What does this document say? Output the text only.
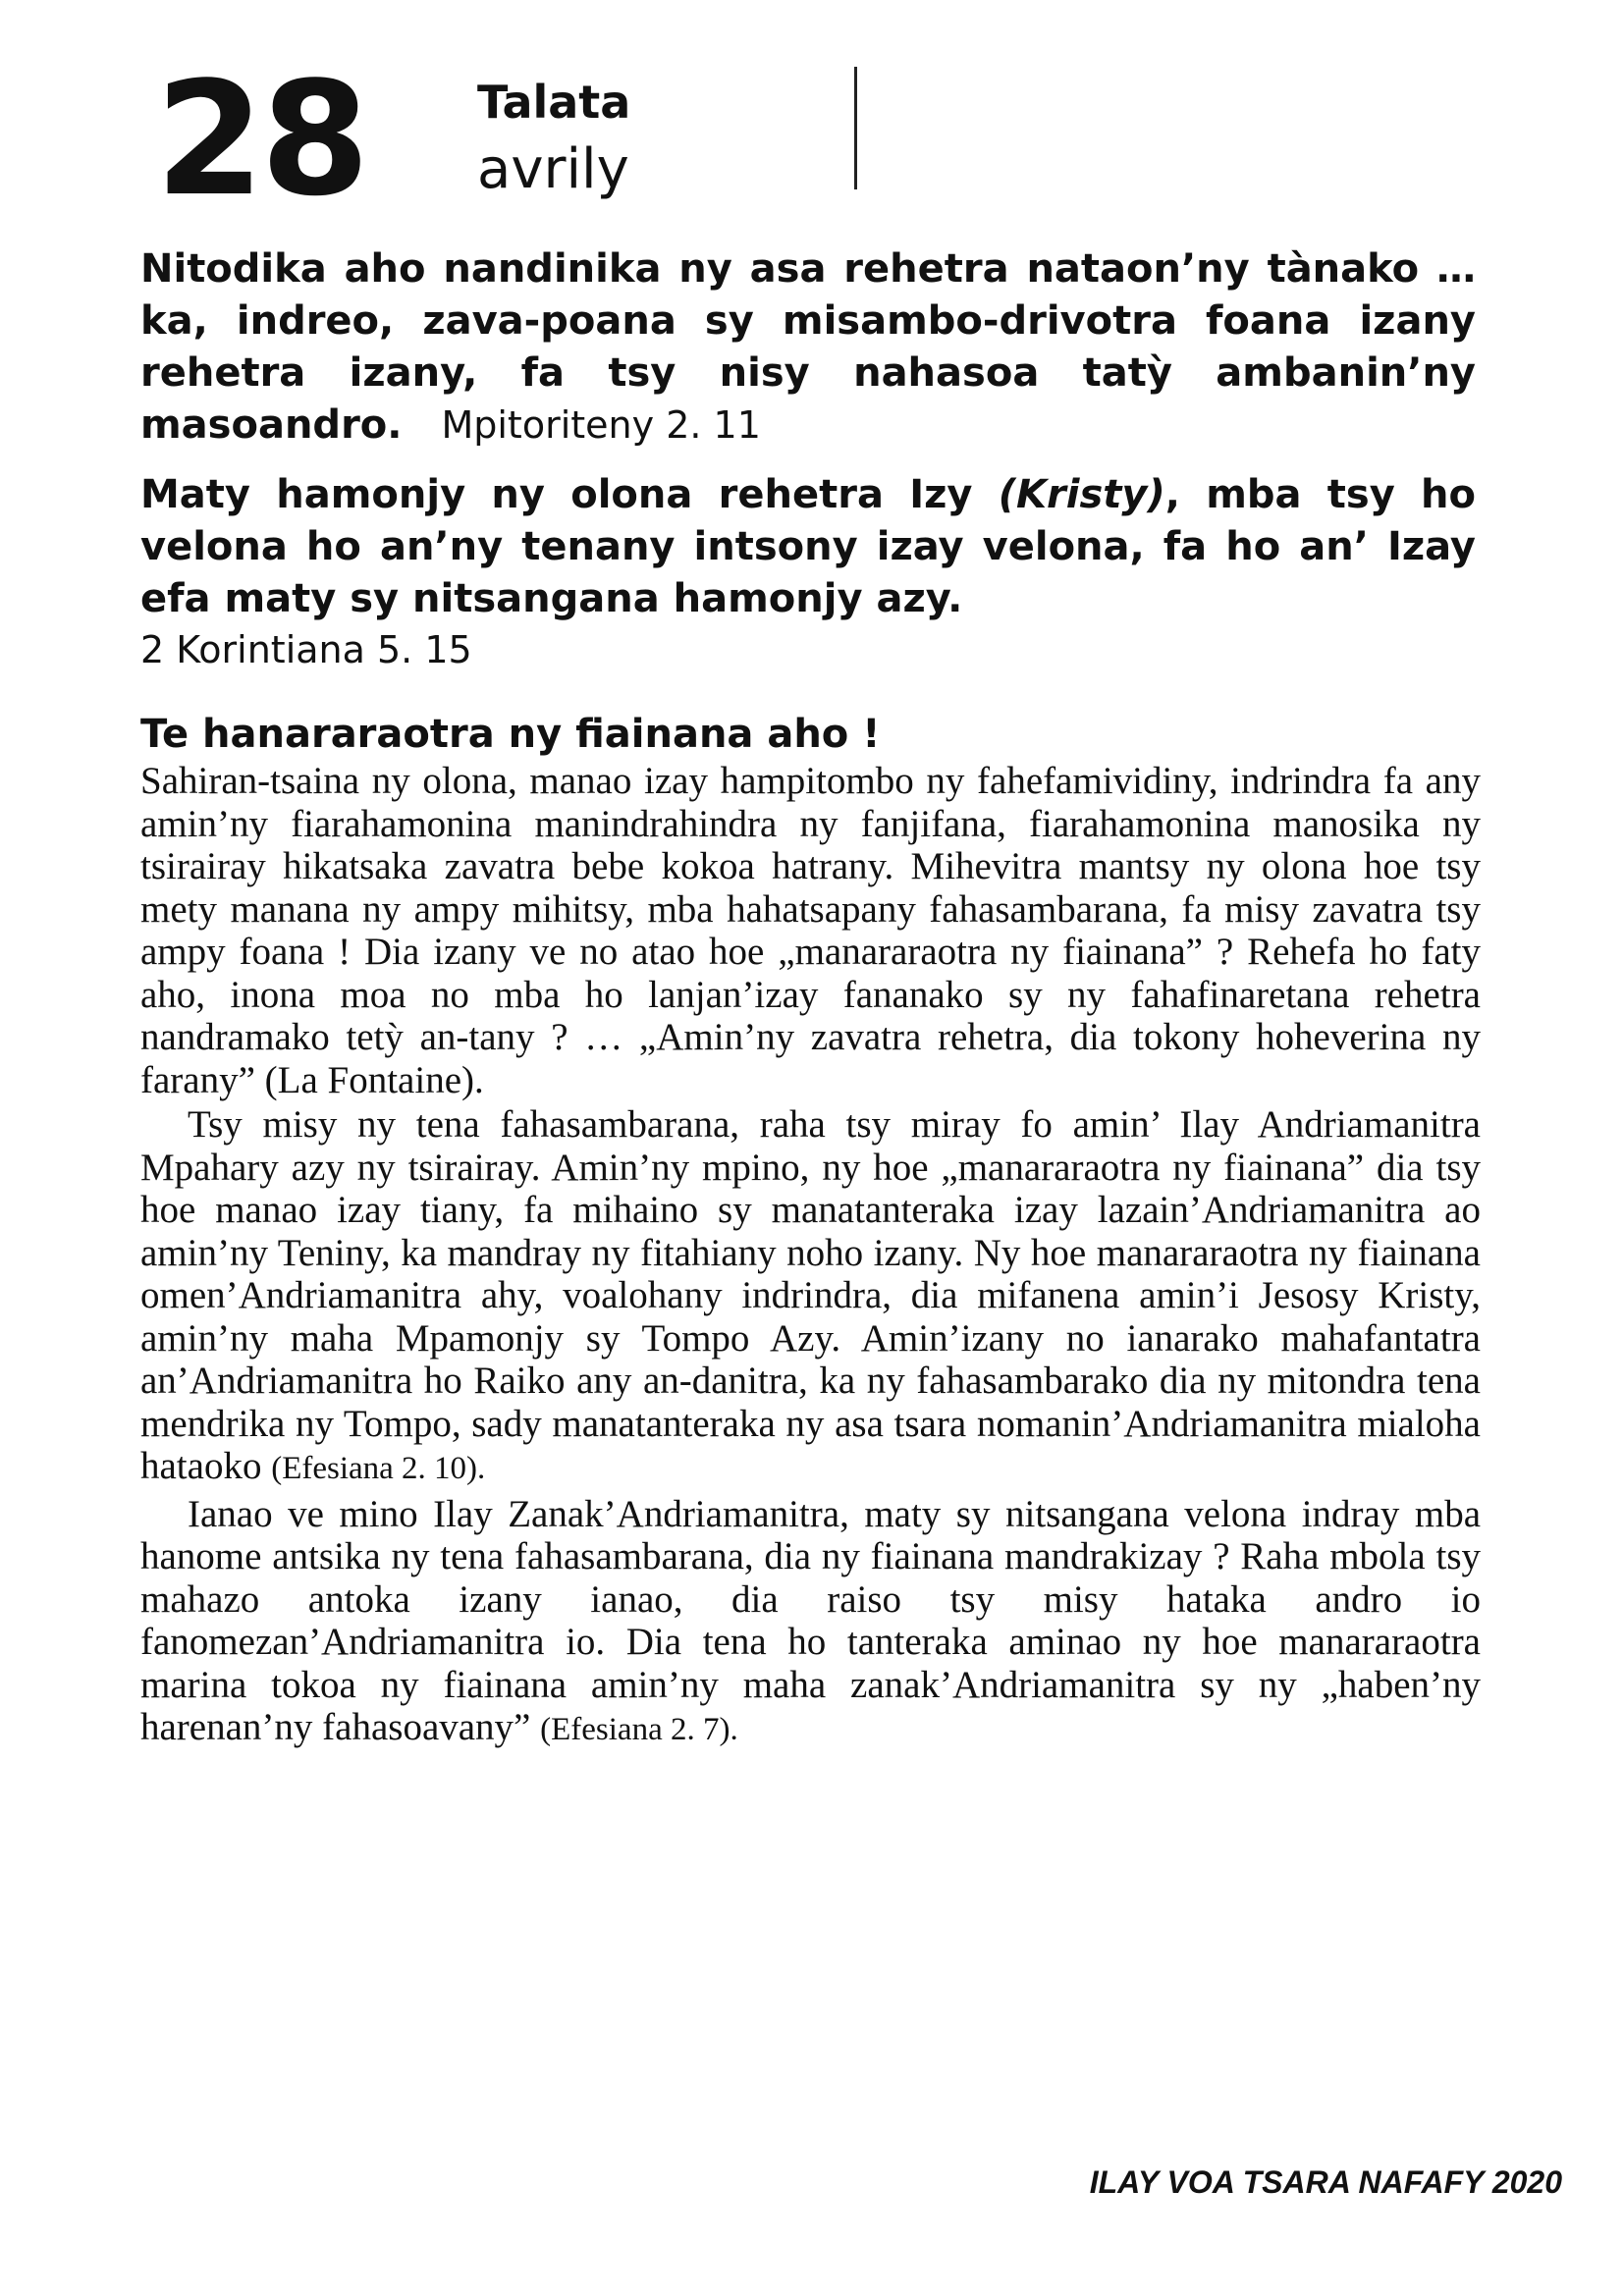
28 Talata
avrily
Nitodika aho nandinika ny asa rehetra nataon’ny tànako … ka, indreo, zava-poana sy misambo-drivotra foana izany rehetra izany, fa tsy nisy nahasoa tatỳ ambanin’ny masoandro. Mpitoriteny 2. 11
Maty hamonjy ny olona rehetra Izy (Kristy), mba tsy ho velona ho an’ny tenany intsony izay velona, fa ho an’ Izay efa maty sy nitsangana hamonjy azy.
2 Korintiana 5. 15
Te hanararaotra ny fiainana aho !

Sahiran-tsaina ny olona, manao izay hampitombo ny fahefamividiny, indrindra fa any amin’ny fiarahamonina manindrahindra ny fanjifana, fiarahamonina manosika ny tsirairay hikatsaka zavatra bebe kokoa hatrany. Mihevitra mantsy ny olona hoe tsy mety manana ny ampy mihitsy, mba hahatsapany fahasambarana, fa misy zavatra tsy ampy foana ! Dia izany ve no atao hoe „manararaotra ny fiainana” ? Rehefa ho faty aho, inona moa no mba ho lanjan’izay fananako sy ny fahafinaretana rehetra nandramako tetỳ an-tany ? … „Amin’ny zavatra rehetra, dia tokony hoheverina ny farany” (La Fontaine).

Tsy misy ny tena fahasambarana, raha tsy miray fo amin’ Ilay Andriamanitra Mpahary azy ny tsirairay. Amin’ny mpino, ny hoe „manararaotra ny fiainana” dia tsy hoe manao izay tiany, fa mihaino sy manatanteraka izay lazain’Andriamanitra ao amin’ny Teniny, ka mandray ny fitahiany noho izany. Ny hoe manararaotra ny fiainana omen’Andriamanitra ahy, voalohany indrindra, dia mifanena amin’i Jesosy Kristy, amin’ny maha Mpamonjy sy Tompo Azy. Amin’izany no ianarako mahafantatra an’Andriamanitra ho Raiko any an-danitra, ka ny fahasambarako dia ny mitondra tena mendrika ny Tompo, sady manatanteraka ny asa tsara nomanin’Andriamanitra mialoha hataoko (Efesiana 2. 10).

Ianao ve mino Ilay Zanak’Andriamanitra, maty sy nitsangana velona indray mba hanome antsika ny tena fahasambarana, dia ny fiainana mandrakizay ? Raha mbola tsy mahazo antoka izany ianao, dia raiso tsy misy hataka andro io fanomezan’Andriamanitra io. Dia tena ho tanteraka aminao ny hoe manararaotra marina tokoa ny fiainana amin’ny maha zanak’Andriamanitra sy ny „haben’ny harenan’ny fahasoavany” (Efesiana 2. 7).

ILAY VOA TSARA NAFAFY 2020
